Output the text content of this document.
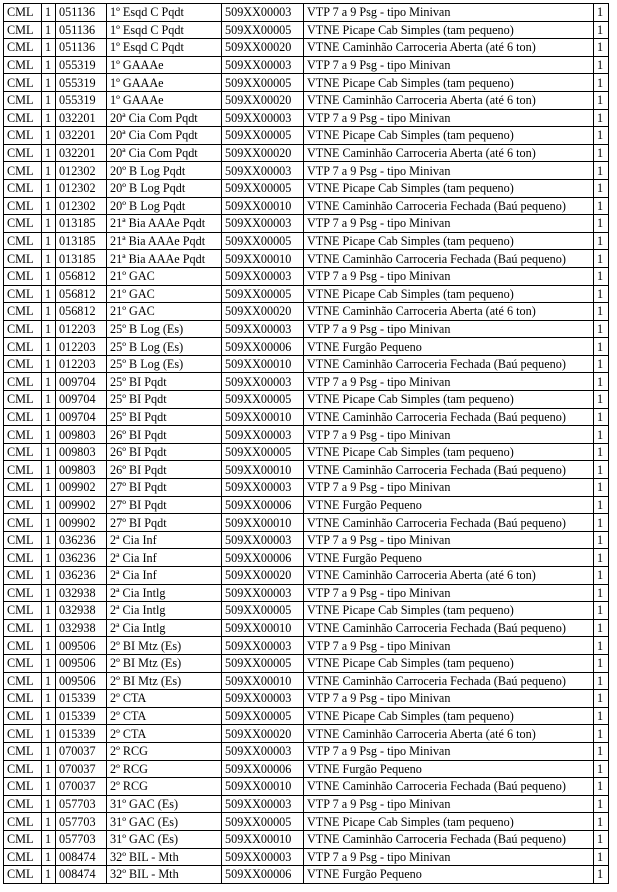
CML	1	051136	1º Esqd C Pqdt	509XX00003	VTP 7 a 9 Psg - tipo Minivan	1
CML	1	051136	1º Esqd C Pqdt	509XX00005	VTNE Picape Cab Simples (tam pequeno)	1
CML	1	051136	1º Esqd C Pqdt	509XX00020	VTNE Caminhão Carroceria Aberta (até 6 ton)	1
CML	1	055319	1º GAAAe	509XX00003	VTP 7 a 9 Psg - tipo Minivan	1
CML	1	055319	1º GAAAe	509XX00005	VTNE Picape Cab Simples (tam pequeno)	1
CML	1	055319	1º GAAAe	509XX00020	VTNE Caminhão Carroceria Aberta (até 6 ton)	1
CML	1	032201	20ª Cia Com Pqdt	509XX00003	VTP 7 a 9 Psg - tipo Minivan	1
CML	1	032201	20ª Cia Com Pqdt	509XX00005	VTNE Picape Cab Simples (tam pequeno)	1
CML	1	032201	20ª Cia Com Pqdt	509XX00020	VTNE Caminhão Carroceria Aberta (até 6 ton)	1
CML	1	012302	20º B Log Pqdt	509XX00003	VTP 7 a 9 Psg - tipo Minivan	1
CML	1	012302	20º B Log Pqdt	509XX00005	VTNE Picape Cab Simples (tam pequeno)	1
CML	1	012302	20º B Log Pqdt	509XX00010	VTNE Caminhão Carroceria Fechada (Baú pequeno)	1
CML	1	013185	21ª Bia AAAe Pqdt	509XX00003	VTP 7 a 9 Psg - tipo Minivan	1
CML	1	013185	21ª Bia AAAe Pqdt	509XX00005	VTNE Picape Cab Simples (tam pequeno)	1
CML	1	013185	21ª Bia AAAe Pqdt	509XX00010	VTNE Caminhão Carroceria Fechada (Baú pequeno)	1
CML	1	056812	21º GAC	509XX00003	VTP 7 a 9 Psg - tipo Minivan	1
CML	1	056812	21º GAC	509XX00005	VTNE Picape Cab Simples (tam pequeno)	1
CML	1	056812	21º GAC	509XX00020	VTNE Caminhão Carroceria Aberta (até 6 ton)	1
CML	1	012203	25º B Log (Es)	509XX00003	VTP 7 a 9 Psg - tipo Minivan	1
CML	1	012203	25º B Log (Es)	509XX00006	VTNE Furgão Pequeno	1
CML	1	012203	25º B Log (Es)	509XX00010	VTNE Caminhão Carroceria Fechada (Baú pequeno)	1
CML	1	009704	25º BI Pqdt	509XX00003	VTP 7 a 9 Psg - tipo Minivan	1
CML	1	009704	25º BI Pqdt	509XX00005	VTNE Picape Cab Simples (tam pequeno)	1
CML	1	009704	25º BI Pqdt	509XX00010	VTNE Caminhão Carroceria Fechada (Baú pequeno)	1
CML	1	009803	26º BI Pqdt	509XX00003	VTP 7 a 9 Psg - tipo Minivan	1
CML	1	009803	26º BI Pqdt	509XX00005	VTNE Picape Cab Simples (tam pequeno)	1
CML	1	009803	26º BI Pqdt	509XX00010	VTNE Caminhão Carroceria Fechada (Baú pequeno)	1
CML	1	009902	27º BI Pqdt	509XX00003	VTP 7 a 9 Psg - tipo Minivan	1
CML	1	009902	27º BI Pqdt	509XX00006	VTNE Furgão Pequeno	1
CML	1	009902	27º BI Pqdt	509XX00010	VTNE Caminhão Carroceria Fechada (Baú pequeno)	1
CML	1	036236	2ª Cia Inf	509XX00003	VTP 7 a 9 Psg - tipo Minivan	1
CML	1	036236	2ª Cia Inf	509XX00006	VTNE Furgão Pequeno	1
CML	1	036236	2ª Cia Inf	509XX00020	VTNE Caminhão Carroceria Aberta (até 6 ton)	1
CML	1	032938	2ª Cia Intlg	509XX00003	VTP 7 a 9 Psg - tipo Minivan	1
CML	1	032938	2ª Cia Intlg	509XX00005	VTNE Picape Cab Simples (tam pequeno)	1
CML	1	032938	2ª Cia Intlg	509XX00010	VTNE Caminhão Carroceria Fechada (Baú pequeno)	1
CML	1	009506	2º BI Mtz (Es)	509XX00003	VTP 7 a 9 Psg - tipo Minivan	1
CML	1	009506	2º BI Mtz (Es)	509XX00005	VTNE Picape Cab Simples (tam pequeno)	1
CML	1	009506	2º BI Mtz (Es)	509XX00010	VTNE Caminhão Carroceria Fechada (Baú pequeno)	1
CML	1	015339	2º CTA	509XX00003	VTP 7 a 9 Psg - tipo Minivan	1
CML	1	015339	2º CTA	509XX00005	VTNE Picape Cab Simples (tam pequeno)	1
CML	1	015339	2º CTA	509XX00020	VTNE Caminhão Carroceria Aberta (até 6 ton)	1
CML	1	070037	2º RCG	509XX00003	VTP 7 a 9 Psg - tipo Minivan	1
CML	1	070037	2º RCG	509XX00006	VTNE Furgão Pequeno	1
CML	1	070037	2º RCG	509XX00010	VTNE Caminhão Carroceria Fechada (Baú pequeno)	1
CML	1	057703	31º GAC (Es)	509XX00003	VTP 7 a 9 Psg - tipo Minivan	1
CML	1	057703	31º GAC (Es)	509XX00005	VTNE Picape Cab Simples (tam pequeno)	1
CML	1	057703	31º GAC (Es)	509XX00010	VTNE Caminhão Carroceria Fechada (Baú pequeno)	1
CML	1	008474	32º BIL - Mth	509XX00003	VTP 7 a 9 Psg - tipo Minivan	1
CML	1	008474	32º BIL - Mth	509XX00006	VTNE Furgão Pequeno	1
